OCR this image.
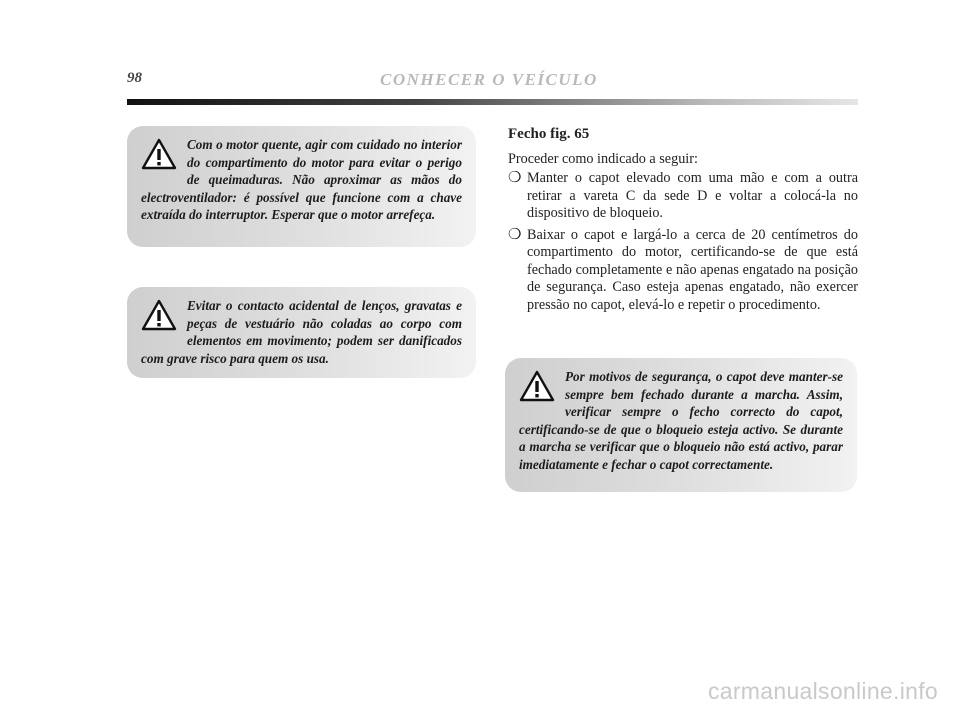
98	CONHECER O VEÍCULO

Com o motor quente, agir com cuidado no interior do compartimento do motor para evitar o perigo de queimaduras. Não aproximar as mãos do electroventilador: é possível que funcione com a chave extraída do interruptor. Esperar que o motor arrefeça.

Evitar o contacto acidental de lenços, gravatas e peças de vestuário não coladas ao corpo com elementos em movimento; podem ser danificados com grave risco para quem os usa.

Fecho fig. 65
Proceder como indicado a seguir:
❍ Manter o capot elevado com uma mão e com a outra retirar a vareta C da sede D e voltar a colocá-la no dispositivo de bloqueio.
❍ Baixar o capot e largá-lo a cerca de 20 centímetros do compartimento do motor, certificando-se de que está fechado completamente e não apenas engatado na posição de segurança. Caso esteja apenas engatado, não exercer pressão no capot, elevá-lo e repetir o procedimento.

Por motivos de segurança, o capot deve manter-se sempre bem fechado durante a marcha. Assim, verificar sempre o fecho correcto do capot, certificando-se de que o bloqueio esteja activo. Se durante a marcha se verificar que o bloqueio não está activo, parar imediatamente e fechar o capot correctamente.

carmanualsonline.info
